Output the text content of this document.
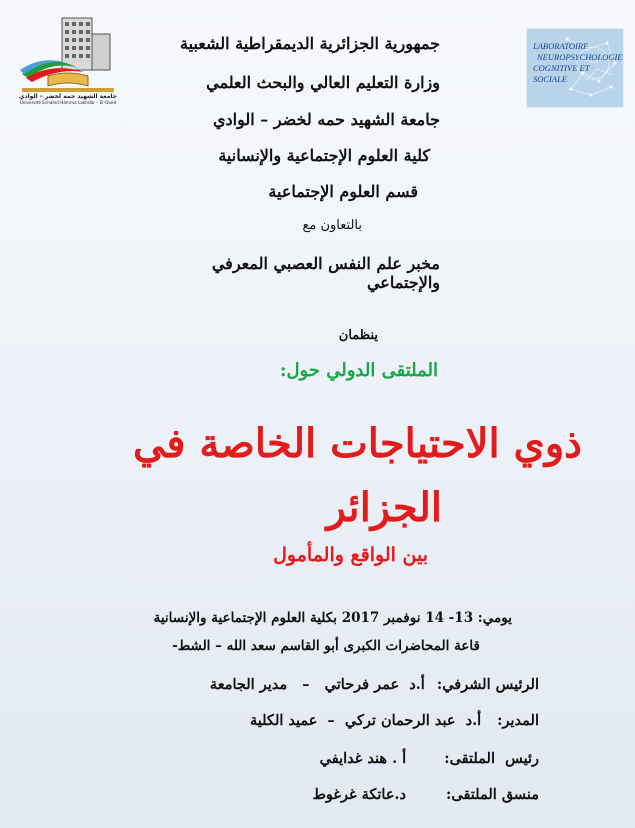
جامعة الشهيد حمه لخضر – الوادي
Université Echahid Hamma Lakhdar – El-Oued
LABORATOIRE
NEUROPSYCHOLOGIE
COGNITIVE ET
SOCIALE
جمهورية الجزائرية الديمقراطية الشعبية
وزارة التعليم العالي والبحث العلمي
جامعة الشهيد حمه لخضر – الوادي
كلية العلوم الإجتماعية والإنسانية
قسم العلوم الإجتماعية
بالتعاون مع
مخبر علم النفس العصبي المعرفي والإجتماعي
ينظمان
الملتقى الدولي حول:
ذوي الاحتياجات الخاصة في
الجزائر
بين الواقع والمأمول
يومي: 13- 14 نوفمبر 2017 بكلية العلوم الإجتماعية والإنسانية
قاعة المحاضرات الكبرى أبو القاسم سعد الله – الشط-
الرئيس الشرفي:
أ.د  عمر فرحاتي   –   مدير الجامعة
المدير:
أ.د  عبد الرحمان تركي  –  عميد الكلية
رئيس  الملتقى:
أ . هند غدايفي
منسق الملتقى:
د.عاتكة غرغوط
